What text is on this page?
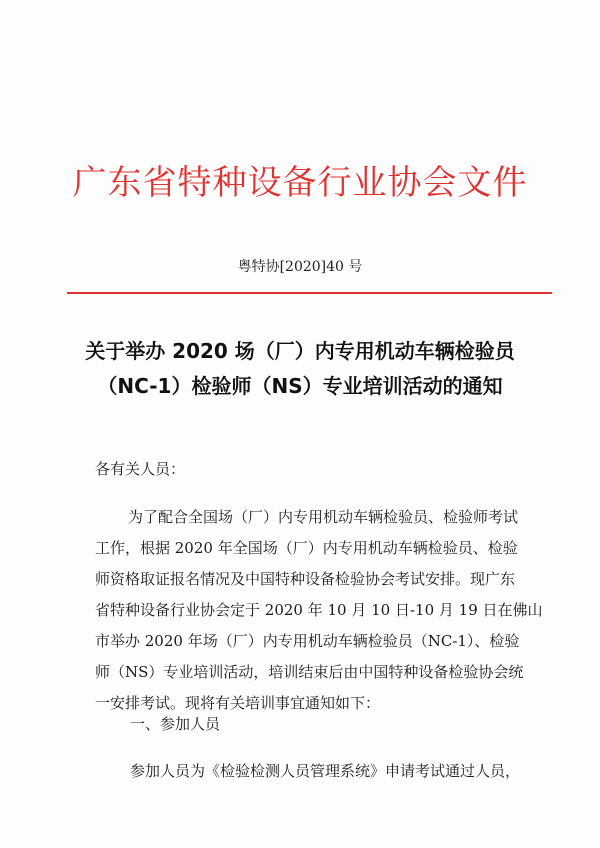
广东省特种设备行业协会文件
粤特协[2020]40 号
关于举办 2020 场（厂）内专用机动车辆检验员
（NC-1）检验师（NS）专业培训活动的通知
各有关人员：
为了配合全国场（厂）内专用机动车辆检验员、检验师考试
工作，根据 2020 年全国场（厂）内专用机动车辆检验员、检验
师资格取证报名情况及中国特种设备检验协会考试安排。现广东
省特种设备行业协会定于 2020 年 10 月 10 日-10 月 19 日在佛山
市举办 2020 年场（厂）内专用机动车辆检验员（NC-1）、检验
师（NS）专业培训活动，培训结束后由中国特种设备检验协会统
一安排考试。现将有关培训事宜通知如下：
一、参加人员
参加人员为《检验检测人员管理系统》申请考试通过人员，
